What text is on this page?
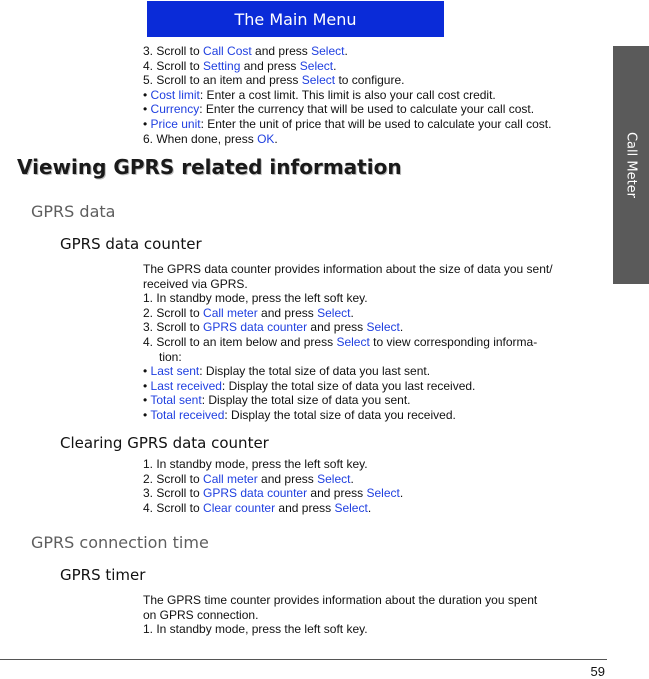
The Main Menu
Call Meter
3. Scroll to Call Cost and press Select.
4. Scroll to Setting and press Select.
5. Scroll to an item and press Select to configure.
• Cost limit: Enter a cost limit. This limit is also your call cost credit.
• Currency: Enter the currency that will be used to calculate your call cost.
• Price unit: Enter the unit of price that will be used to calculate your call cost.
6. When done, press OK.
Viewing GPRS related information
GPRS data
GPRS data counter
The GPRS data counter provides information about the size of data you sent/
received via GPRS.
1. In standby mode, press the left soft key.
2. Scroll to Call meter and press Select.
3. Scroll to GPRS data counter and press Select.
4. Scroll to an item below and press Select to view corresponding informa-
tion:
• Last sent: Display the total size of data you last sent.
• Last received: Display the total size of data you last received.
• Total sent: Display the total size of data you sent.
• Total received: Display the total size of data you received.
Clearing GPRS data counter
1. In standby mode, press the left soft key.
2. Scroll to Call meter and press Select.
3. Scroll to GPRS data counter and press Select.
4. Scroll to Clear counter and press Select.
GPRS connection time
GPRS timer
The GPRS time counter provides information about the duration you spent
on GPRS connection.
1. In standby mode, press the left soft key.
59
